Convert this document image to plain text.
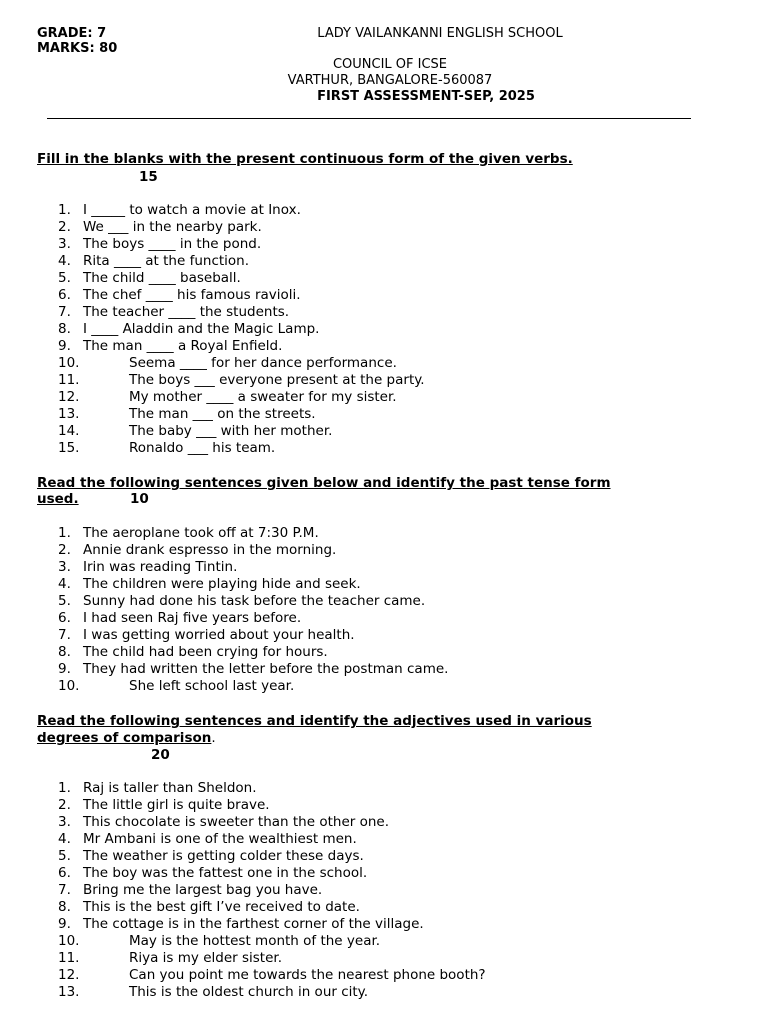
GRADE: 7
MARKS: 80
LADY VAILANKANNI ENGLISH SCHOOL
COUNCIL OF ICSE
VARTHUR, BANGALORE-560087
FIRST ASSESSMENT-SEP, 2025
Fill in the blanks with the present continuous form of the given verbs.
15
1. I _____ to watch a movie at Inox.
2. We ___ in the nearby park.
3. The boys ____ in the pond.
4. Rita ____ at the function.
5. The child ____ baseball.
6. The chef ____ his famous ravioli.
7. The teacher ____ the students.
8. I ____ Aladdin and the Magic Lamp.
9. The man ____ a Royal Enfield.
10.	Seema ____ for her dance performance.
11.	The boys ___ everyone present at the party.
12.	My mother ____ a sweater for my sister.
13.	The man ___ on the streets.
14.	The baby ___ with her mother.
15.	Ronaldo ___ his team.
Read the following sentences given below and identify the past tense form
used.	10
1. The aeroplane took off at 7:30 P.M.
2. Annie drank espresso in the morning.
3. Irin was reading Tintin.
4. The children were playing hide and seek.
5. Sunny had done his task before the teacher came.
6. I had seen Raj five years before.
7. I was getting worried about your health.
8. The child had been crying for hours.
9. They had written the letter before the postman came.
10.	She left school last year.
Read the following sentences and identify the adjectives used in various
degrees of comparison.
20
1. Raj is taller than Sheldon.
2. The little girl is quite brave.
3. This chocolate is sweeter than the other one.
4. Mr Ambani is one of the wealthiest men.
5. The weather is getting colder these days.
6. The boy was the fattest one in the school.
7. Bring me the largest bag you have.
8. This is the best gift I’ve received to date.
9. The cottage is in the farthest corner of the village.
10.	May is the hottest month of the year.
11.	Riya is my elder sister.
12.	Can you point me towards the nearest phone booth?
13.	This is the oldest church in our city.
